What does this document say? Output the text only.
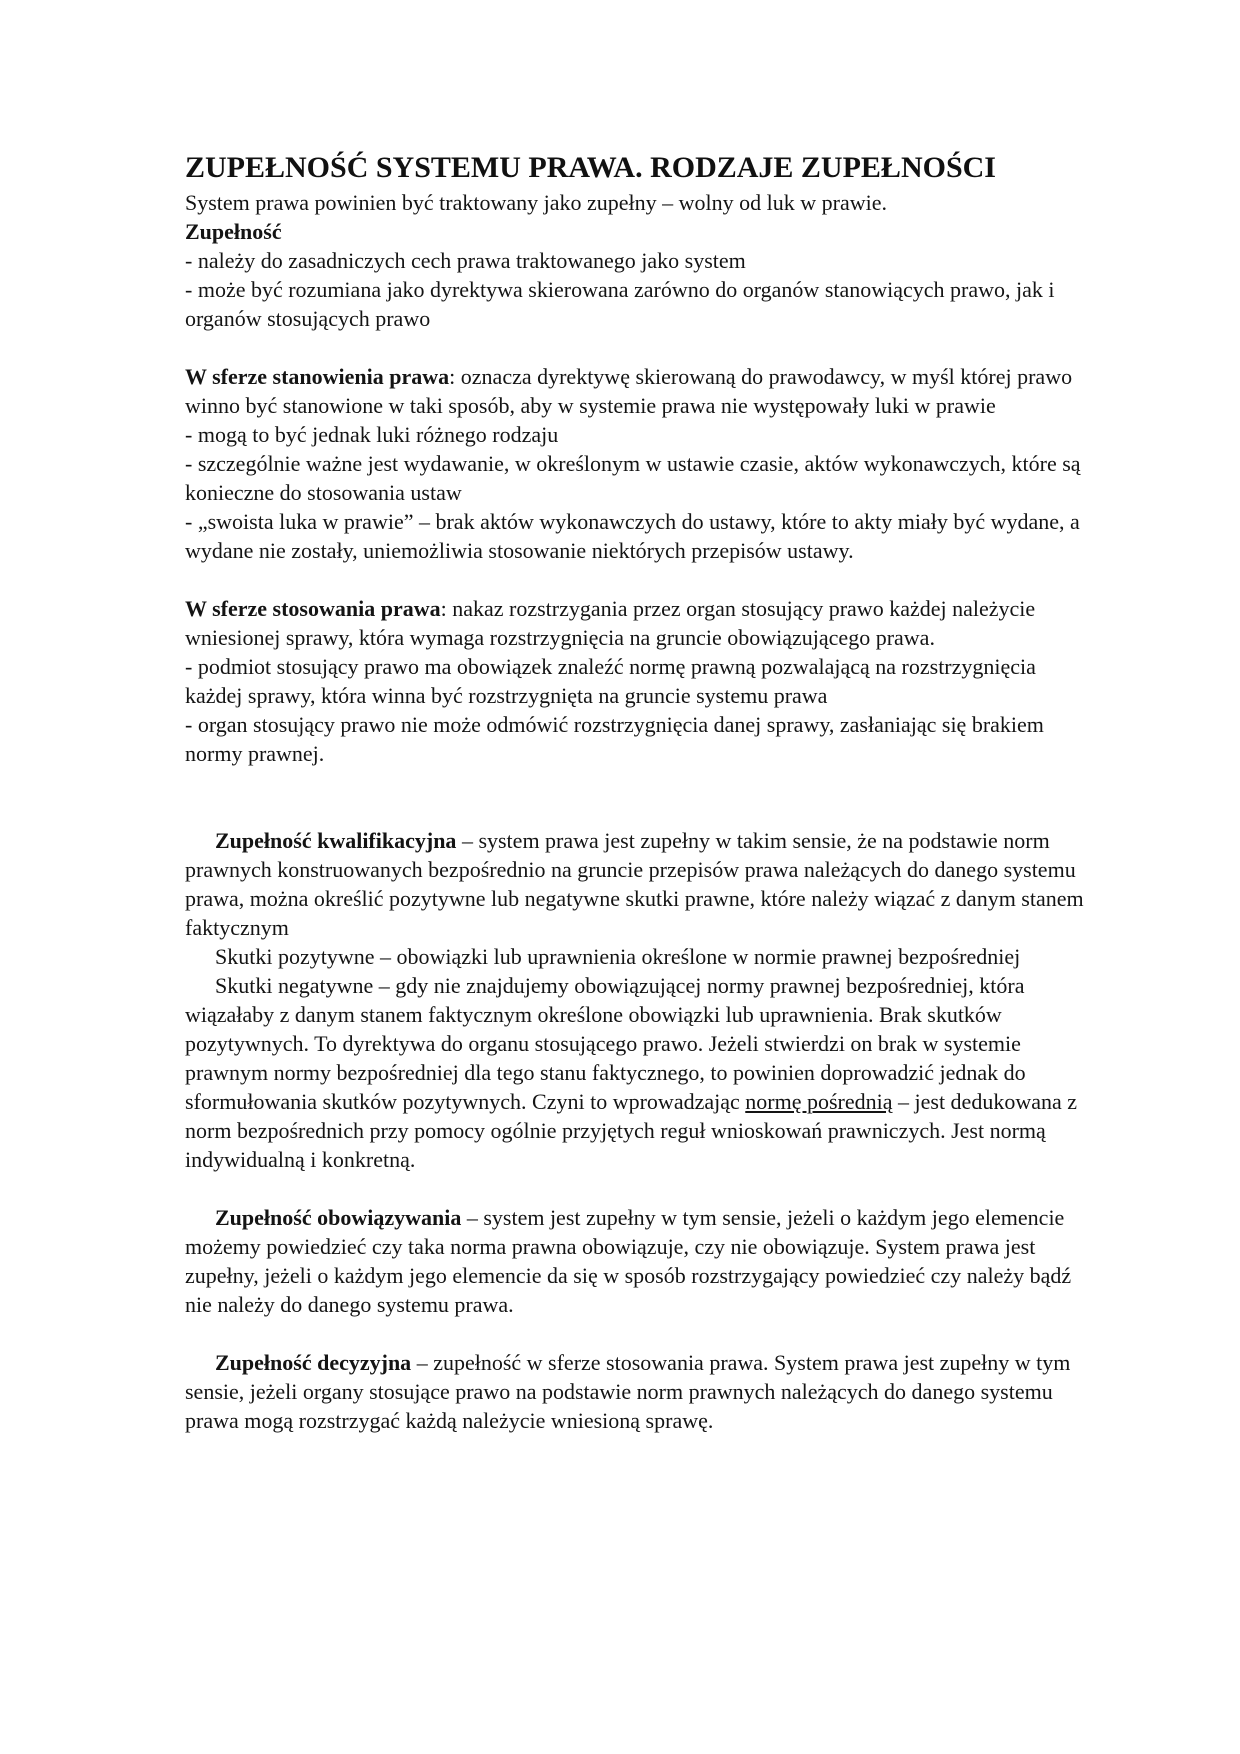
ZUPEŁNOŚĆ SYSTEMU PRAWA. RODZAJE ZUPEŁNOŚCI

System prawa powinien być traktowany jako zupełny – wolny od luk w prawie.

Zupełność

- należy do zasadniczych cech prawa traktowanego jako system

- może być rozumiana jako dyrektywa skierowana zarówno do organów stanowiących prawo, jak i organów stosujących prawo

W sferze stanowienia prawa: oznacza dyrektywę skierowaną do prawodawcy, w myśl której prawo winno być stanowione w taki sposób, aby w systemie prawa nie występowały luki w prawie

- mogą to być jednak luki różnego rodzaju

- szczególnie ważne jest wydawanie, w określonym w ustawie czasie, aktów wykonawczych, które są konieczne do stosowania ustaw

- „swoista luka w prawie” – brak aktów wykonawczych do ustawy, które to akty miały być wydane, a wydane nie zostały, uniemożliwia stosowanie niektórych przepisów ustawy.

W sferze stosowania prawa: nakaz rozstrzygania przez organ stosujący prawo każdej należycie wniesionej sprawy, która wymaga rozstrzygnięcia na gruncie obowiązującego prawa.

- podmiot stosujący prawo ma obowiązek znaleźć normę prawną pozwalającą na rozstrzygnięcia każdej sprawy, która winna być rozstrzygnięta na gruncie systemu prawa

- organ stosujący prawo nie może odmówić rozstrzygnięcia danej sprawy, zasłaniając się brakiem normy prawnej.

Zupełność kwalifikacyjna – system prawa jest zupełny w takim sensie, że na podstawie norm prawnych konstruowanych bezpośrednio na gruncie przepisów prawa należących do danego systemu prawa, można określić pozytywne lub negatywne skutki prawne, które należy wiązać z danym stanem faktycznym

Skutki pozytywne – obowiązki lub uprawnienia określone w normie prawnej bezpośredniej

Skutki negatywne – gdy nie znajdujemy obowiązującej normy prawnej bezpośredniej, która wiązałaby z danym stanem faktycznym określone obowiązki lub uprawnienia. Brak skutków pozytywnych. To dyrektywa do organu stosującego prawo. Jeżeli stwierdzi on brak w systemie prawnym normy bezpośredniej dla tego stanu faktycznego, to powinien doprowadzić jednak do sformułowania skutków pozytywnych. Czyni to wprowadzając normę pośrednią – jest dedukowana z norm bezpośrednich przy pomocy ogólnie przyjętych reguł wnioskowań prawniczych. Jest normą indywidualną i konkretną.

Zupełność obowiązywania – system jest zupełny w tym sensie, jeżeli o każdym jego elemencie możemy powiedzieć czy taka norma prawna obowiązuje, czy nie obowiązuje. System prawa jest zupełny, jeżeli o każdym jego elemencie da się w sposób rozstrzygający powiedzieć czy należy bądź nie należy do danego systemu prawa.

Zupełność decyzyjna – zupełność w sferze stosowania prawa. System prawa jest zupełny w tym sensie, jeżeli organy stosujące prawo na podstawie norm prawnych należących do danego systemu prawa mogą rozstrzygać każdą należycie wniesioną sprawę.
